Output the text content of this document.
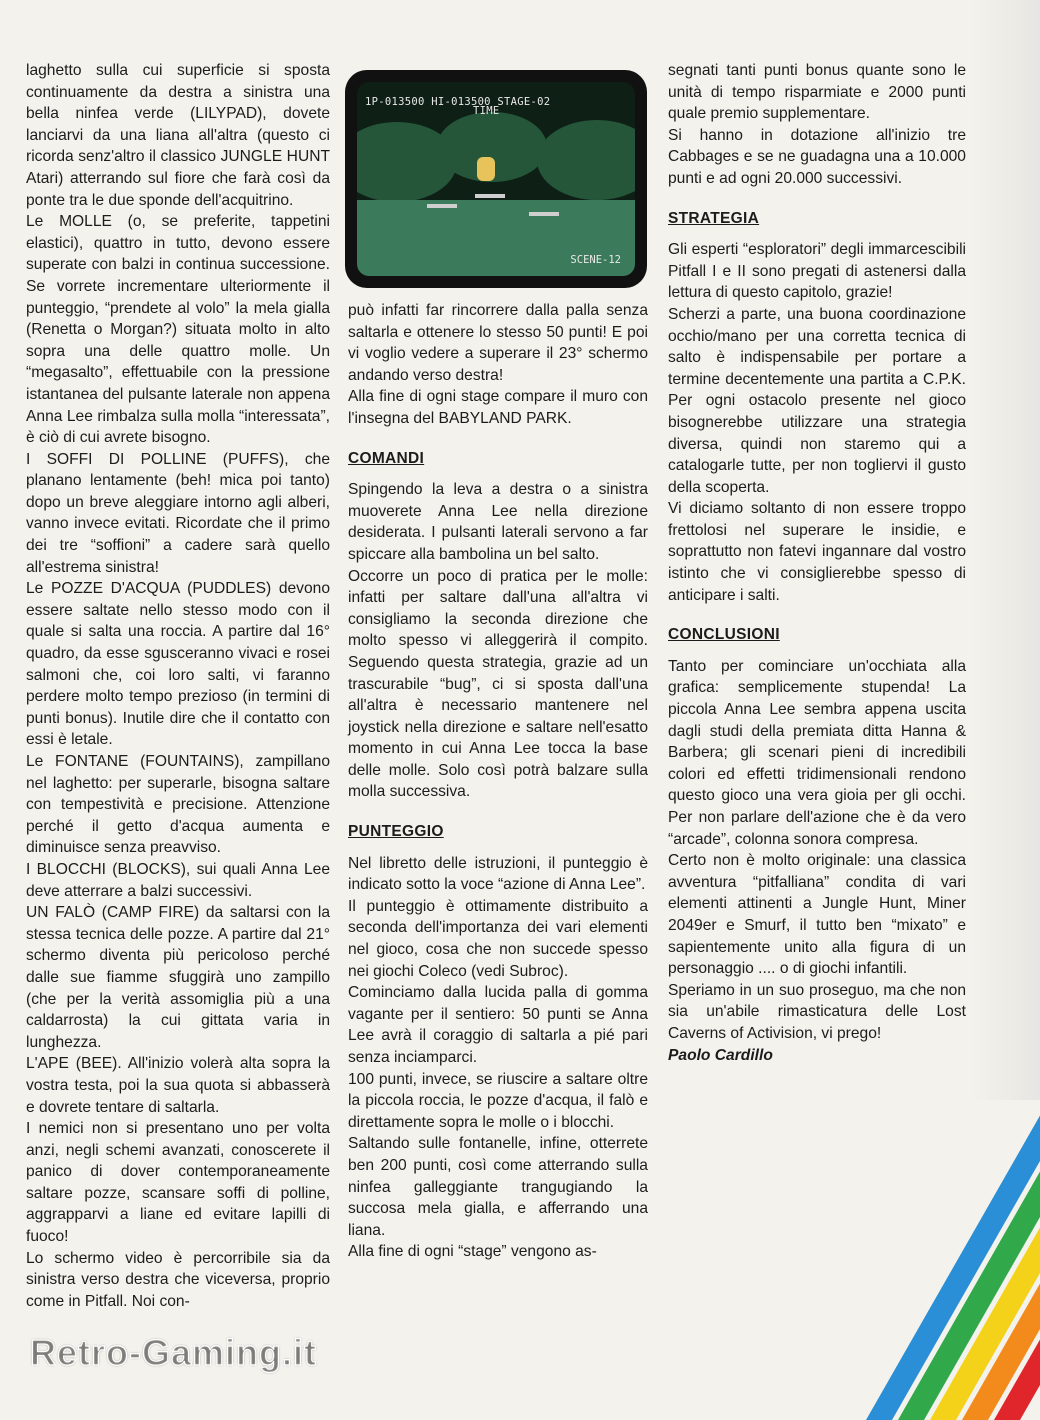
laghetto sulla cui superficie si sposta continuamente da destra a sinistra una bella ninfea verde (LILYPAD), dovete lanciarvi da una liana all'altra (questo ci ricorda senz'altro il classico JUNGLE HUNT Atari) atterrando sul fiore che farà così da ponte tra le due sponde dell'acquitrino.

Le MOLLE (o, se preferite, tappetini elastici), quattro in tutto, devono essere superate con balzi in continua successione. Se vorrete incrementare ulteriormente il punteggio, “prendete al volo” la mela gialla (Renetta o Morgan?) situata molto in alto sopra una delle quattro molle. Un “megasalto”, effettuabile con la pressione istantanea del pulsante laterale non appena Anna Lee rimbalza sulla molla “interessata”, è ciò di cui avrete bisogno.

I SOFFI DI POLLINE (PUFFS), che planano lentamente (beh! mica poi tanto) dopo un breve aleggiare intorno agli alberi, vanno invece evitati. Ricordate che il primo dei tre “soffioni” a cadere sarà quello all'estrema sinistra!

Le POZZE D'ACQUA (PUDDLES) devono essere saltate nello stesso modo con il quale si salta una roccia. A partire dal 16° quadro, da esse sgusceranno vivaci e rosei salmoni che, coi loro salti, vi faranno perdere molto tempo prezioso (in termini di punti bonus). Inutile dire che il contatto con essi è letale.

Le FONTANE (FOUNTAINS), zampillano nel laghetto: per superarle, bisogna saltare con tempestività e precisione. Attenzione perché il getto d'acqua aumenta e diminuisce senza preavviso.

I BLOCCHI (BLOCKS), sui quali Anna Lee deve atterrare a balzi successivi.

UN FALÒ (CAMP FIRE) da saltarsi con la stessa tecnica delle pozze. A partire dal 21° schermo diventa più pericoloso perché dalle sue fiamme sfuggirà uno zampillo (che per la verità assomiglia più a una caldarrosta) la cui gittata varia in lunghezza.

L'APE (BEE). All'inizio volerà alta sopra la vostra testa, poi la sua quota si abbasserà e dovrete tentare di saltarla.

I nemici non si presentano uno per volta anzi, negli schemi avanzati, conoscerete il panico di dover contemporaneamente saltare pozze, scansare soffi di polline, aggrapparvi a liane ed evitare lapilli di fuoco!

Lo schermo video è percorribile sia da sinistra verso destra che viceversa, proprio come in Pitfall. Noi con-

1P-013500 HI-013500 STAGE-02
TIME
SCENE-12

può infatti far rincorrere dalla palla senza saltarla e ottenere lo stesso 50 punti! E poi vi voglio vedere a superare il 23° schermo andando verso destra!

Alla fine di ogni stage compare il muro con l'insegna del BABYLAND PARK.

COMANDI

Spingendo la leva a destra o a sinistra muoverete Anna Lee nella direzione desiderata. I pulsanti laterali servono a far spiccare alla bambolina un bel salto.

Occorre un poco di pratica per le molle: infatti per saltare dall'una all'altra vi consigliamo la seconda direzione che molto spesso vi alleggerirà il compito. Seguendo questa strategia, grazie ad un trascurabile “bug”, ci si sposta dall'una all'altra è necessario mantenere nel joystick nella direzione e saltare nell'esatto momento in cui Anna Lee tocca la base delle molle. Solo così potrà balzare sulla molla successiva.

PUNTEGGIO

Nel libretto delle istruzioni, il punteggio è indicato sotto la voce “azione di Anna Lee”.

Il punteggio è ottimamente distribuito a seconda dell'importanza dei vari elementi nel gioco, cosa che non succede spesso nei giochi Coleco (vedi Subroc).

Cominciamo dalla lucida palla di gomma vagante per il sentiero: 50 punti se Anna Lee avrà il coraggio di saltarla a pié pari senza inciamparci.

100 punti, invece, se riuscire a saltare oltre la piccola roccia, le pozze d'acqua, il falò e direttamente sopra le molle o i blocchi.

Saltando sulle fontanelle, infine, otterrete ben 200 punti, così come atterrando sulla ninfea galleggiante trangugiando la succosa mela gialla, e afferrando una liana.

Alla fine di ogni “stage” vengono as-

segnati tanti punti bonus quante sono le unità di tempo risparmiate e 2000 punti quale premio supplementare.

Si hanno in dotazione all'inizio tre Cabbages e se ne guadagna una a 10.000 punti e ad ogni 20.000 successivi.

STRATEGIA

Gli esperti “esploratori” degli immarcescibili Pitfall I e II sono pregati di astenersi dalla lettura di questo capitolo, grazie!

Scherzi a parte, una buona coordinazione occhio/mano per una corretta tecnica di salto è indispensabile per portare a termine decentemente una partita a C.P.K. Per ogni ostacolo presente nel gioco bisognerebbe utilizzare una strategia diversa, quindi non staremo qui a catalogarle tutte, per non togliervi il gusto della scoperta.

Vi diciamo soltanto di non essere troppo frettolosi nel superare le insidie, e soprattutto non fatevi ingannare dal vostro istinto che vi consiglierebbe spesso di anticipare i salti.

CONCLUSIONI

Tanto per cominciare un'occhiata alla grafica: semplicemente stupenda! La piccola Anna Lee sembra appena uscita dagli studi della premiata ditta Hanna & Barbera; gli scenari pieni di incredibili colori ed effetti tridimensionali rendono questo gioco una vera gioia per gli occhi. Per non parlare dell'azione che è da vero “arcade”, colonna sonora compresa.

Certo non è molto originale: una classica avventura “pitfalliana” condita di vari elementi attinenti a Jungle Hunt, Miner 2049er e Smurf, il tutto ben “mixato” e sapientemente unito alla figura di un personaggio .... o di giochi infantili.

Speriamo in un suo proseguo, ma che non sia un'abile rimasticatura delle Lost Caverns of Activision, vi prego!

Paolo Cardillo

Retro-Gaming.it
